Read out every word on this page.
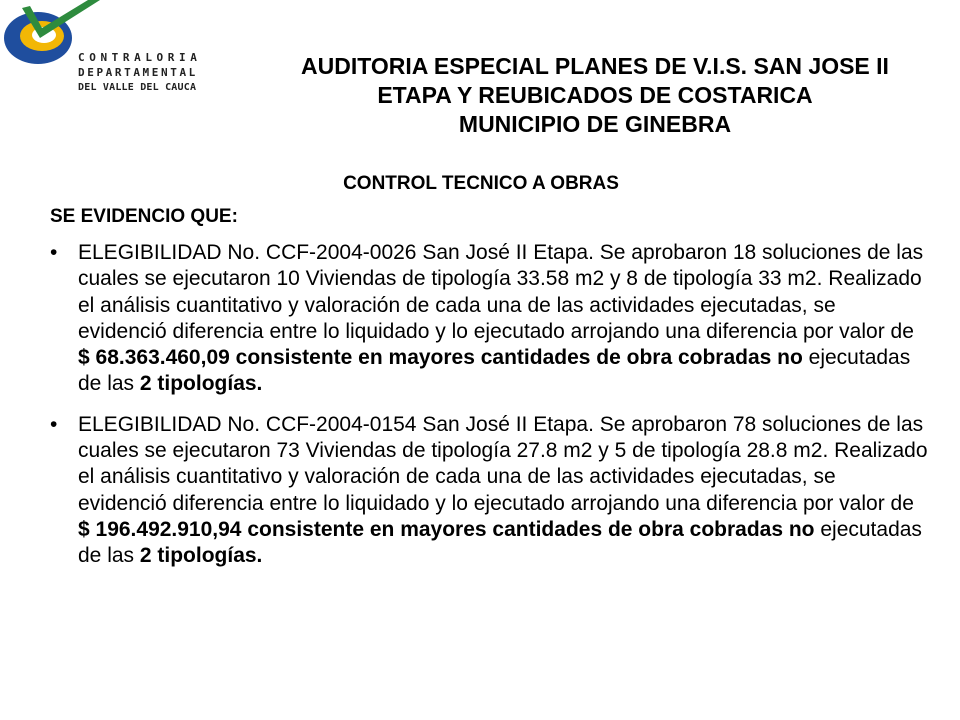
CONTRALORIA
DEPARTAMENTAL
DEL VALLE DEL CAUCA
AUDITORIA ESPECIAL PLANES DE V.I.S. SAN JOSE II
ETAPA Y REUBICADOS DE COSTARICA
MUNICIPIO DE GINEBRA
CONTROL TECNICO A OBRAS
SE EVIDENCIO QUE:
• ELEGIBILIDAD No. CCF-2004-0026 San José II Etapa. Se aprobaron 18 soluciones de las cuales se ejecutaron 10 Viviendas de tipología 33.58 m2 y 8 de tipología 33 m2. Realizado el análisis cuantitativo y valoración de cada una de las actividades ejecutadas, se evidenció diferencia entre lo liquidado y lo ejecutado arrojando una diferencia por valor de $ 68.363.460,09 consistente en mayores cantidades de obra cobradas no ejecutadas de las 2 tipologías.
• ELEGIBILIDAD No. CCF-2004-0154 San José II Etapa. Se aprobaron 78 soluciones de las cuales se ejecutaron 73 Viviendas de tipología 27.8 m2 y 5 de tipología 28.8 m2. Realizado el análisis cuantitativo y valoración de cada una de las actividades ejecutadas, se evidenció diferencia entre lo liquidado y lo ejecutado arrojando una diferencia por valor de $ 196.492.910,94 consistente en mayores cantidades de obra cobradas no ejecutadas de las 2 tipologías.
